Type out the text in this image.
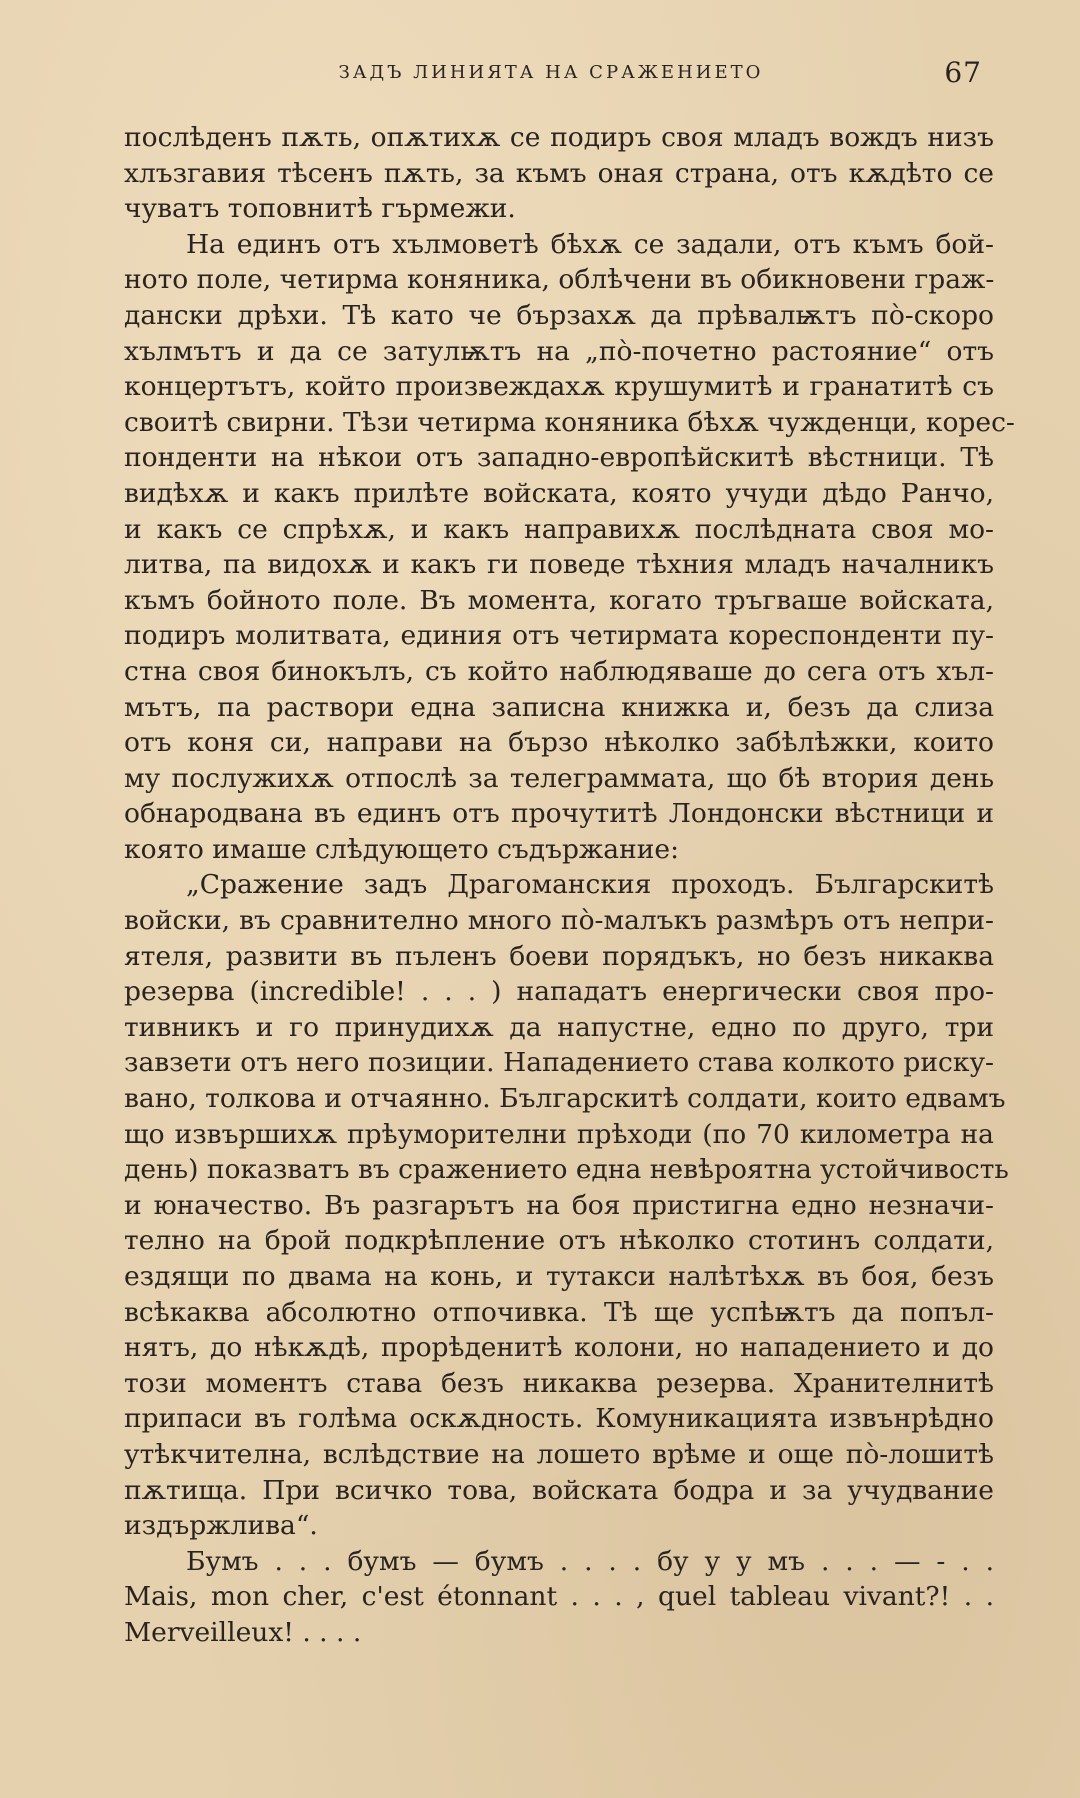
ЗАДЪ ЛИНИЯТА НА СРАЖЕНИЕТО	67
послѣденъ пѫть, опѫтихѫ се подиръ своя младъ вождъ низъ
хлъзгавия тѣсенъ пѫть, за къмъ оная страна, отъ кѫдѣто се
чуватъ топовнитѣ гърмежи.
На единъ отъ хълмоветѣ бѣхѫ се задали, отъ къмъ бой-
ното поле, четирма коняника, облѣчени въ обикновени граж-
дански дрѣхи. Тѣ като че бързахѫ да прѣвалѭтъ пò-скоро
хълмътъ и да се затулѭтъ на „пò-почетно растояние“ отъ
концертътъ, който произвеждахѫ крушумитѣ и гранатитѣ съ
своитѣ свирни. Тѣзи четирма коняника бѣхѫ чужденци, корес-
понденти на нѣкои отъ западно-европѣйскитѣ вѣстници. Тѣ
видѣхѫ и какъ прилѣте войската, която учуди дѣдо Ранчо,
и какъ се спрѣхѫ, и какъ направихѫ послѣдната своя мо-
литва, па видохѫ и какъ ги поведе тѣхния младъ началникъ
къмъ бойното поле. Въ момента, когато тръгваше войската,
подиръ молитвата, единия отъ четирмата кореспонденти пу-
стна своя бинокълъ, съ който наблюдяваше до сега отъ хъл-
мътъ, па раствори една записна книжка и, безъ да слиза
отъ коня си, направи на бързо нѣколко забѣлѣжки, които
му послужихѫ отпослѣ за телеграммата, що бѣ втория день
обнародвана въ единъ отъ прочутитѣ Лондонски вѣстници и
която имаше слѣдующето съдържание:
„Сражение задъ Драгоманския проходъ. Българскитѣ
войски, въ сравнително много пò-малъкъ размѣръ отъ непри-
ятеля, развити въ пъленъ боеви порядъкъ, но безъ никаква
резерва (incredible! . . . ) нападатъ енергически своя про-
тивникъ и го принудихѫ да напустне, едно по друго, три
завзети отъ него позиции. Нападението става колкото риску-
вано, толкова и отчаянно. Българскитѣ солдати, които едвамъ
що извършихѫ прѣуморителни прѣходи (по 70 километра на
день) показватъ въ сражението една невѣроятна устойчивость
и юначество. Въ разгарътъ на боя пристигна едно незначи-
телно на брой подкрѣпление отъ нѣколко стотинъ солдати,
ездящи по двама на конь, и тутакси налѣтѣхѫ въ боя, безъ
всѣкаква абсолютно отпочивка. Тѣ ще успѣѭтъ да попъл-
нятъ, до нѣкѫдѣ, прорѣденитѣ колони, но нападението и до
този моментъ става безъ никаква резерва. Хранителнитѣ
припаси въ голѣма оскѫдность. Комуникацията извънрѣдно
утѣкчителна, вслѣдствие на лошето врѣме и още пò-лошитѣ
пѫтища. При всичко това, войската бодра и за учудвание
издържлива“.
Бумъ . . . бумъ — бумъ . . . . бу у у мъ . . . — - . .
Mais, mon cher, c'est étonnant . . . , quel tableau vivant?! . .
Merveilleux! . . . .
